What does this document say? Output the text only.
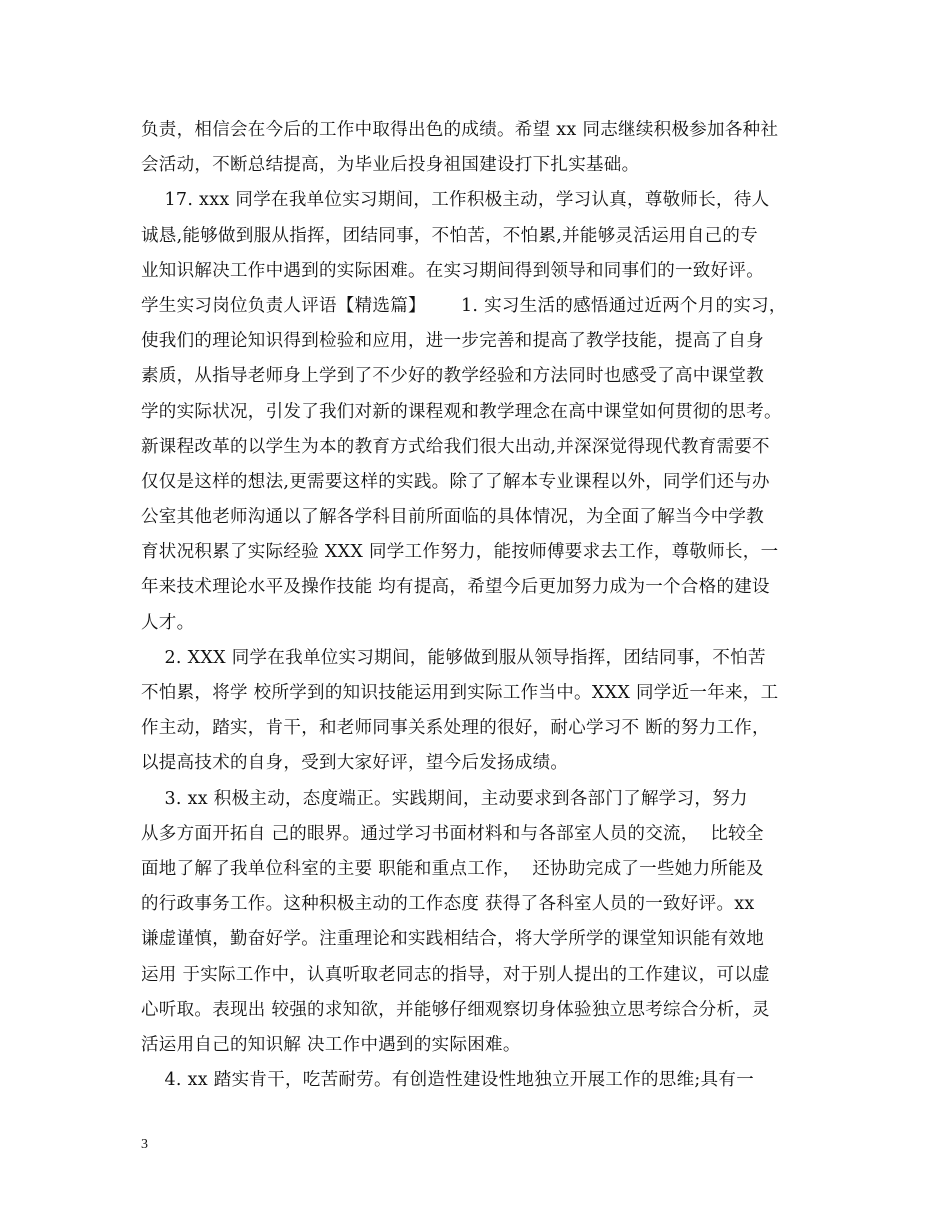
负责，相信会在今后的工作中取得出色的成绩。希望 xx 同志继续积极参加各种社
会活动，不断总结提高，为毕业后投身祖国建设打下扎实基础。
17. xxx 同学在我单位实习期间，工作积极主动，学习认真，尊敬师长，待人
诚恳,能够做到服从指挥，团结同事，不怕苦，不怕累,并能够灵活运用自己的专
业知识解决工作中遇到的实际困难。在实习期间得到领导和同事们的一致好评。
学生实习岗位负责人评语【精选篇】      1. 实习生活的感悟通过近两个月的实习，
使我们的理论知识得到检验和应用，进一步完善和提高了教学技能，提高了自身
素质，从指导老师身上学到了不少好的教学经验和方法同时也感受了高中课堂教
学的实际状况，引发了我们对新的课程观和教学理念在高中课堂如何贯彻的思考。
新课程改革的以学生为本的教育方式给我们很大出动,并深深觉得现代教育需要不
仅仅是这样的想法,更需要这样的实践。除了了解本专业课程以外，同学们还与办
公室其他老师沟通以了解各学科目前所面临的具体情况，为全面了解当今中学教
育状况积累了实际经验 XXX 同学工作努力，能按师傅要求去工作，尊敬师长，一
年来技术理论水平及操作技能 均有提高，希望今后更加努力成为一个合格的建设
人才。
2. XXX 同学在我单位实习期间，能够做到服从领导指挥，团结同事，不怕苦
不怕累，将学 校所学到的知识技能运用到实际工作当中。XXX 同学近一年来，工
作主动，踏实，肯干，和老师同事关系处理的很好，耐心学习不 断的努力工作，
以提高技术的自身，受到大家好评，望今后发扬成绩。
3. xx 积极主动，态度端正。实践期间，主动要求到各部门了解学习，努力
从多方面开拓自 己的眼界。通过学习书面材料和与各部室人员的交流，  比较全
面地了解了我单位科室的主要 职能和重点工作，  还协助完成了一些她力所能及
的行政事务工作。这种积极主动的工作态度 获得了各科室人员的一致好评。xx
谦虚谨慎，勤奋好学。注重理论和实践相结合，将大学所学的课堂知识能有效地
运用 于实际工作中，认真听取老同志的指导，对于别人提出的工作建议，可以虚
心听取。表现出 较强的求知欲，并能够仔细观察切身体验独立思考综合分析，灵
活运用自己的知识解 决工作中遇到的实际困难。
4. xx 踏实肯干，吃苦耐劳。有创造性建设性地独立开展工作的思维;具有一
3
